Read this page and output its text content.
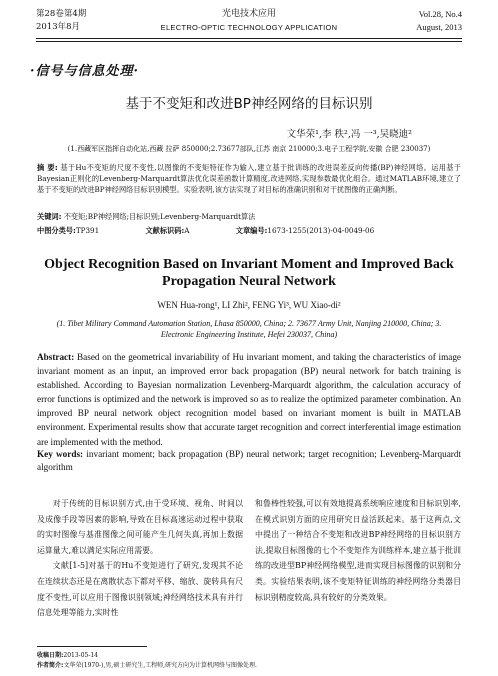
第28卷第4期
2013年8月
光电技术应用
ELECTRO-OPTIC TECHNOLOGY APPLICATION
Vol.28, No.4
August, 2013
·信号与信息处理·
基于不变矩和改进BP神经网络的目标识别
文华荣¹,李 秩²,冯 一³,吴晓迪²
(1.西藏军区指挥自动化站,西藏 拉萨 850000;2.73677部队,江苏 南京 210000;3.电子工程学院,安徽 合肥 230037)
摘 要: 基于Hu不变矩的尺度不变性,以图像的不变矩特征作为输入,建立基于批训练的改进误差反向传播(BP)神经网络。运用基于Bayesian正则化的Levenberg-Marquardt算法优化误差函数计算精度,改进网络,实现参数最优化组合。通过MATLAB环境,建立了基于不变矩的改进BP神经网络目标识别模型。实验表明,该方法实现了对目标的准确识别和对干扰图像的正确判断。
关键词: 不变矩;BP神经网络;目标识别;Levenberg-Marquardt算法
中图分类号:TP391	文献标识码:A	文章编号:1673-1255(2013)-04-0049-06
Object Recognition Based on Invariant Moment and Improved Back Propagation Neural Network
WEN Hua-rong¹, LI Zhi², FENG Yi³, WU Xiao-di²
(1. Tibet Military Command Automation Station, Lhasa 850000, China; 2. 73677 Army Unit, Nanjing 210000, China; 3. Electronic Engineering Institute, Hefei 230037, China)
Abstract: Based on the geometrical invariability of Hu invariant moment, and taking the characteristics of image invariant moment as an input, an improved error back propagation (BP) neural network for batch training is established. According to Bayesian normalization Levenberg-Marquardt algorithm, the calculation accuracy of error functions is optimized and the network is improved so as to realize the optimized parameter combination. An improved BP neural network object recognition model based on invariant moment is built in MATLAB environment. Experimental results show that accurate target recognition and correct interferential image estimation are implemented with the method.
Key words: invariant moment; back propagation (BP) neural network; target recognition; Levenberg-Marquardt algorithm
对于传统的目标识别方式,由于受环境、视角、时间以及成像手段等因素的影响,导致在目标高速运动过程中获取的实时图像与基准图像之间可能产生几何失真,再加上数据运算量大,难以满足实际应用需要。
文献[1-5]对基于的Hu不变矩进行了研究,发现其不论在连续状态还是在离散状态下都对平移、缩放、旋转具有尺度不变性,可以应用于图像识别领域;神经网络技术具有并行信息处理等能力,实时性
和鲁棒性较强,可以有效地提高系统响应速度和目标识别率,在模式识别方面的应用研究日益活跃起来。基于这两点,文中提出了一种结合不变矩和改进BP神经网络的目标识别方法,提取目标图像的七个不变矩作为训练样本,建立基于批训练的改进型BP神经网络模型,进而实现目标图像的识别和分类。实验结果表明,该不变矩特征训练的神经网络分类器目标识别精度较高,具有较好的分类效果。
收稿日期:2013-05-14
作者简介:文华荣(1970-),男,硕士研究生,工程师,研究方向为计算机网络与图像处理.
